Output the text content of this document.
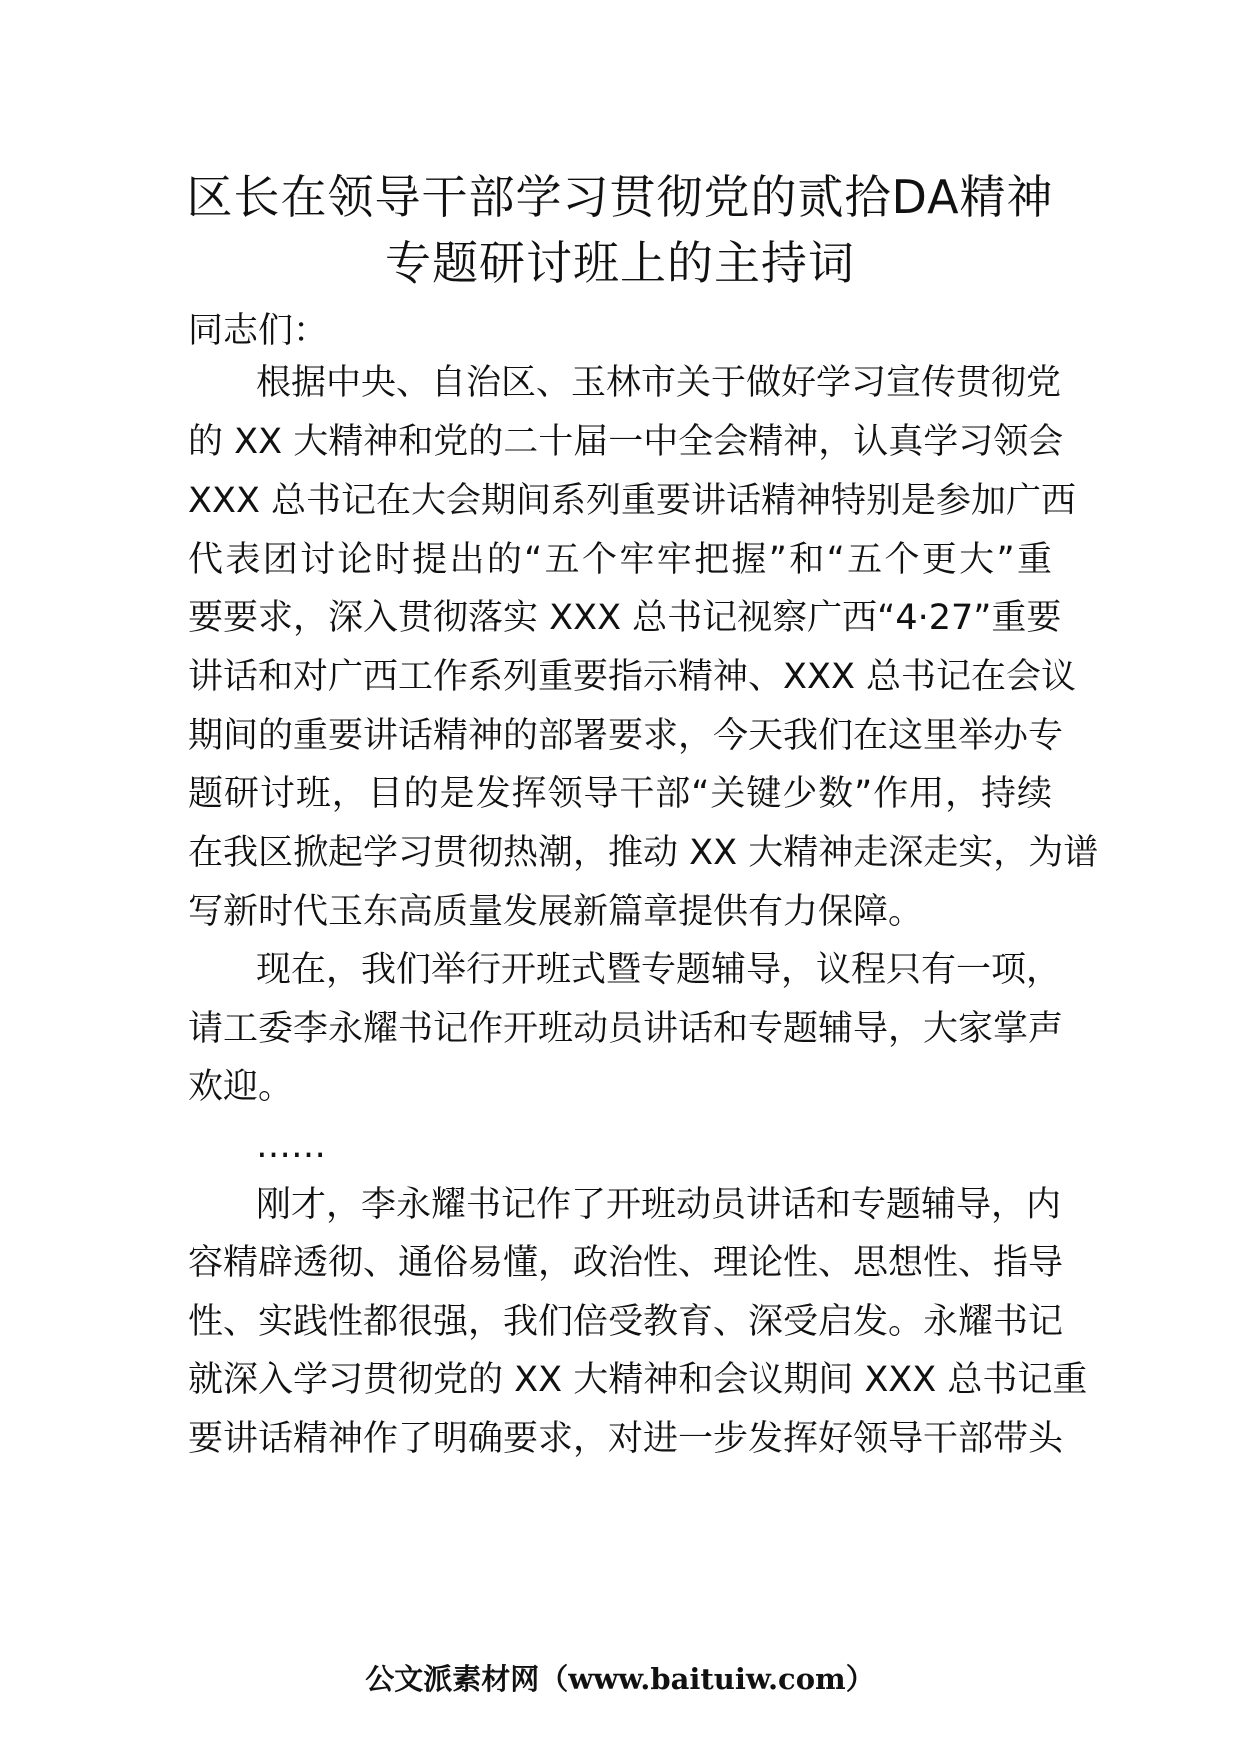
区长在领导干部学习贯彻党的贰拾DA精神
专题研讨班上的主持词
同志们：
根据中央、自治区、玉林市关于做好学习宣传贯彻党
的 XX 大精神和党的二十届一中全会精神，认真学习领会
XXX 总书记在大会期间系列重要讲话精神特别是参加广西
代表团讨论时提出的“五个牢牢把握”和“五个更大”重
要要求，深入贯彻落实 XXX 总书记视察广西“4·27”重要
讲话和对广西工作系列重要指示精神、XXX 总书记在会议
期间的重要讲话精神的部署要求，今天我们在这里举办专
题研讨班，目的是发挥领导干部“关键少数”作用，持续
在我区掀起学习贯彻热潮，推动 XX 大精神走深走实，为谱
写新时代玉东高质量发展新篇章提供有力保障。
现在，我们举行开班式暨专题辅导，议程只有一项，
请工委李永耀书记作开班动员讲话和专题辅导，大家掌声
欢迎。
……
刚才，李永耀书记作了开班动员讲话和专题辅导，内
容精辟透彻、通俗易懂，政治性、理论性、思想性、指导
性、实践性都很强，我们倍受教育、深受启发。永耀书记
就深入学习贯彻党的 XX 大精神和会议期间 XXX 总书记重
要讲话精神作了明确要求，对进一步发挥好领导干部带头
公文派素材网（www.baituiw.com）
